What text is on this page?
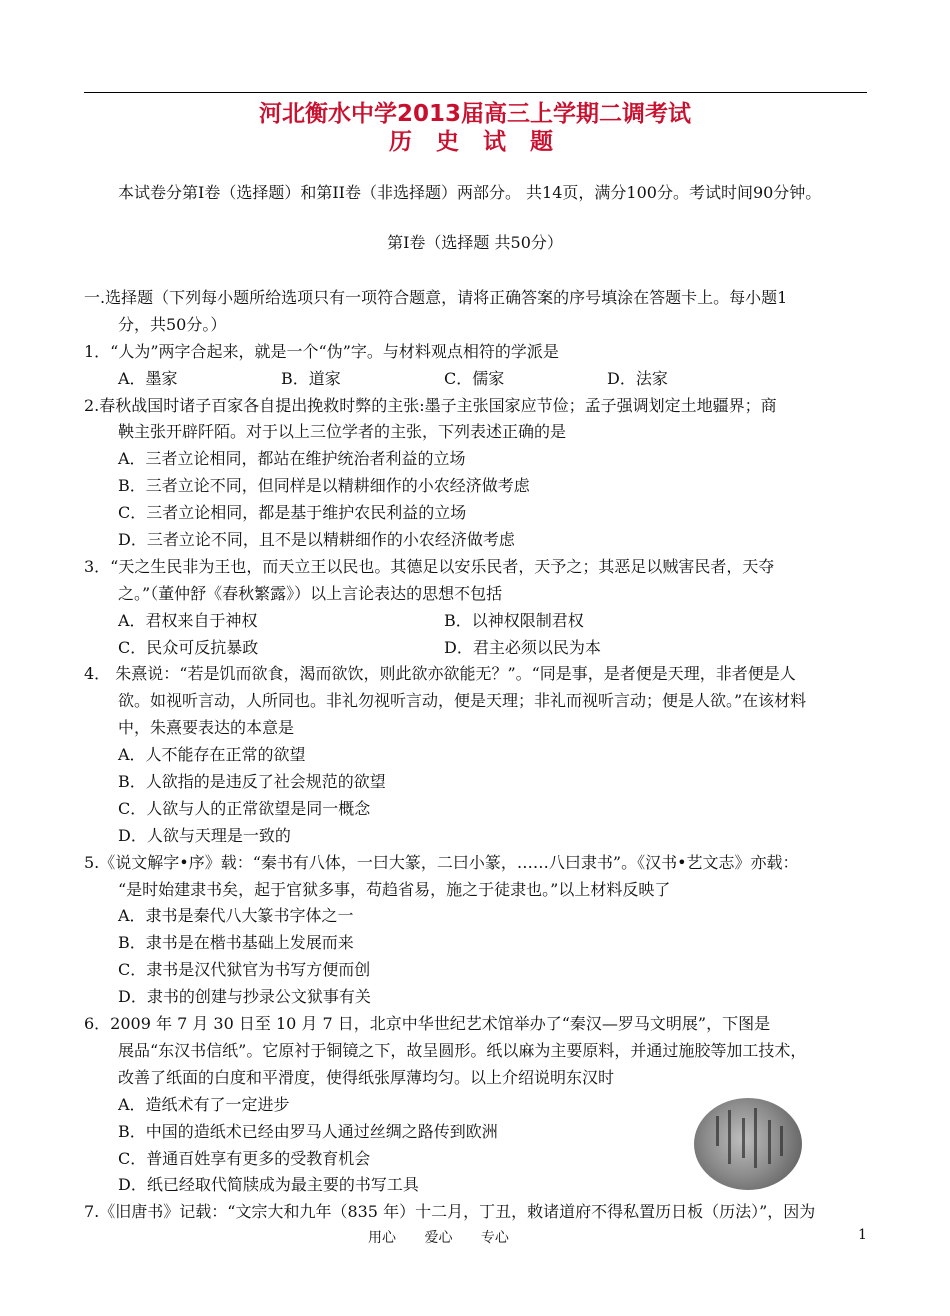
河北衡水中学2013届高三上学期二调考试
历 史 试 题
本试卷分第Ⅰ卷（选择题）和第II卷（非选择题）两部分。 共14页，满分100分。考试时间90分钟。
第Ⅰ卷（选择题 共50分）
一.选择题（下列每小题所给选项只有一项符合题意，请将正确答案的序号填涂在答题卡上。每小题1
分，共50分。）
1．“人为”两字合起来，就是一个“伪”字。与材料观点相符的学派是
A．墨家	B．道家	C．儒家	D．法家
2.春秋战国时诸子百家各自提出挽救时弊的主张:墨子主张国家应节俭；孟子强调划定土地疆界；商
鞅主张开辟阡陌。对于以上三位学者的主张，下列表述正确的是
A．三者立论相同，都站在维护统治者利益的立场
B．三者立论不同，但同样是以精耕细作的小农经济做考虑
C．三者立论相同，都是基于维护农民利益的立场
D．三者立论不同，且不是以精耕细作的小农经济做考虑
3．“天之生民非为王也，而天立王以民也。其德足以安乐民者，天予之；其恶足以贼害民者，天夺
之。”（董仲舒《春秋繁露》）以上言论表达的思想不包括
A．君权来自于神权	B．以神权限制君权
C．民众可反抗暴政	D．君主必须以民为本
4． 朱熹说：“若是饥而欲食，渴而欲饮，则此欲亦欲能无？”。“同是事，是者便是天理，非者便是人
欲。如视听言动，人所同也。非礼勿视听言动，便是天理；非礼而视听言动；便是人欲。”在该材料
中，朱熹要表达的本意是
A．人不能存在正常的欲望
B．人欲指的是违反了社会规范的欲望
C．人欲与人的正常欲望是同一概念
D．人欲与天理是一致的
5.《说文解字•序》载：“秦书有八体，一曰大篆，二曰小篆，……八曰隶书”。《汉书•艺文志》亦载：
“是时始建隶书矣，起于官狱多事，苟趋省易，施之于徒隶也。”以上材料反映了
A．隶书是秦代八大篆书字体之一
B．隶书是在楷书基础上发展而来
C．隶书是汉代狱官为书写方便而创
D．隶书的创建与抄录公文狱事有关
6．2009 年 7 月 30 日至 10 月 7 日，北京中华世纪艺术馆举办了“秦汉—罗马文明展”，下图是
展品“东汉书信纸”。它原衬于铜镜之下，故呈圆形。纸以麻为主要原料，并通过施胶等加工技术，
改善了纸面的白度和平滑度，使得纸张厚薄均匀。以上介绍说明东汉时
A．造纸术有了一定进步
B．中国的造纸术已经由罗马人通过丝绸之路传到欧洲
C．普通百姓享有更多的受教育机会
D．纸已经取代简牍成为最主要的书写工具
7.《旧唐书》记载：“文宗大和九年（835 年）十二月，丁丑，敕诸道府不得私置历日板（历法）”，因为
用心 爱心 专心	1
